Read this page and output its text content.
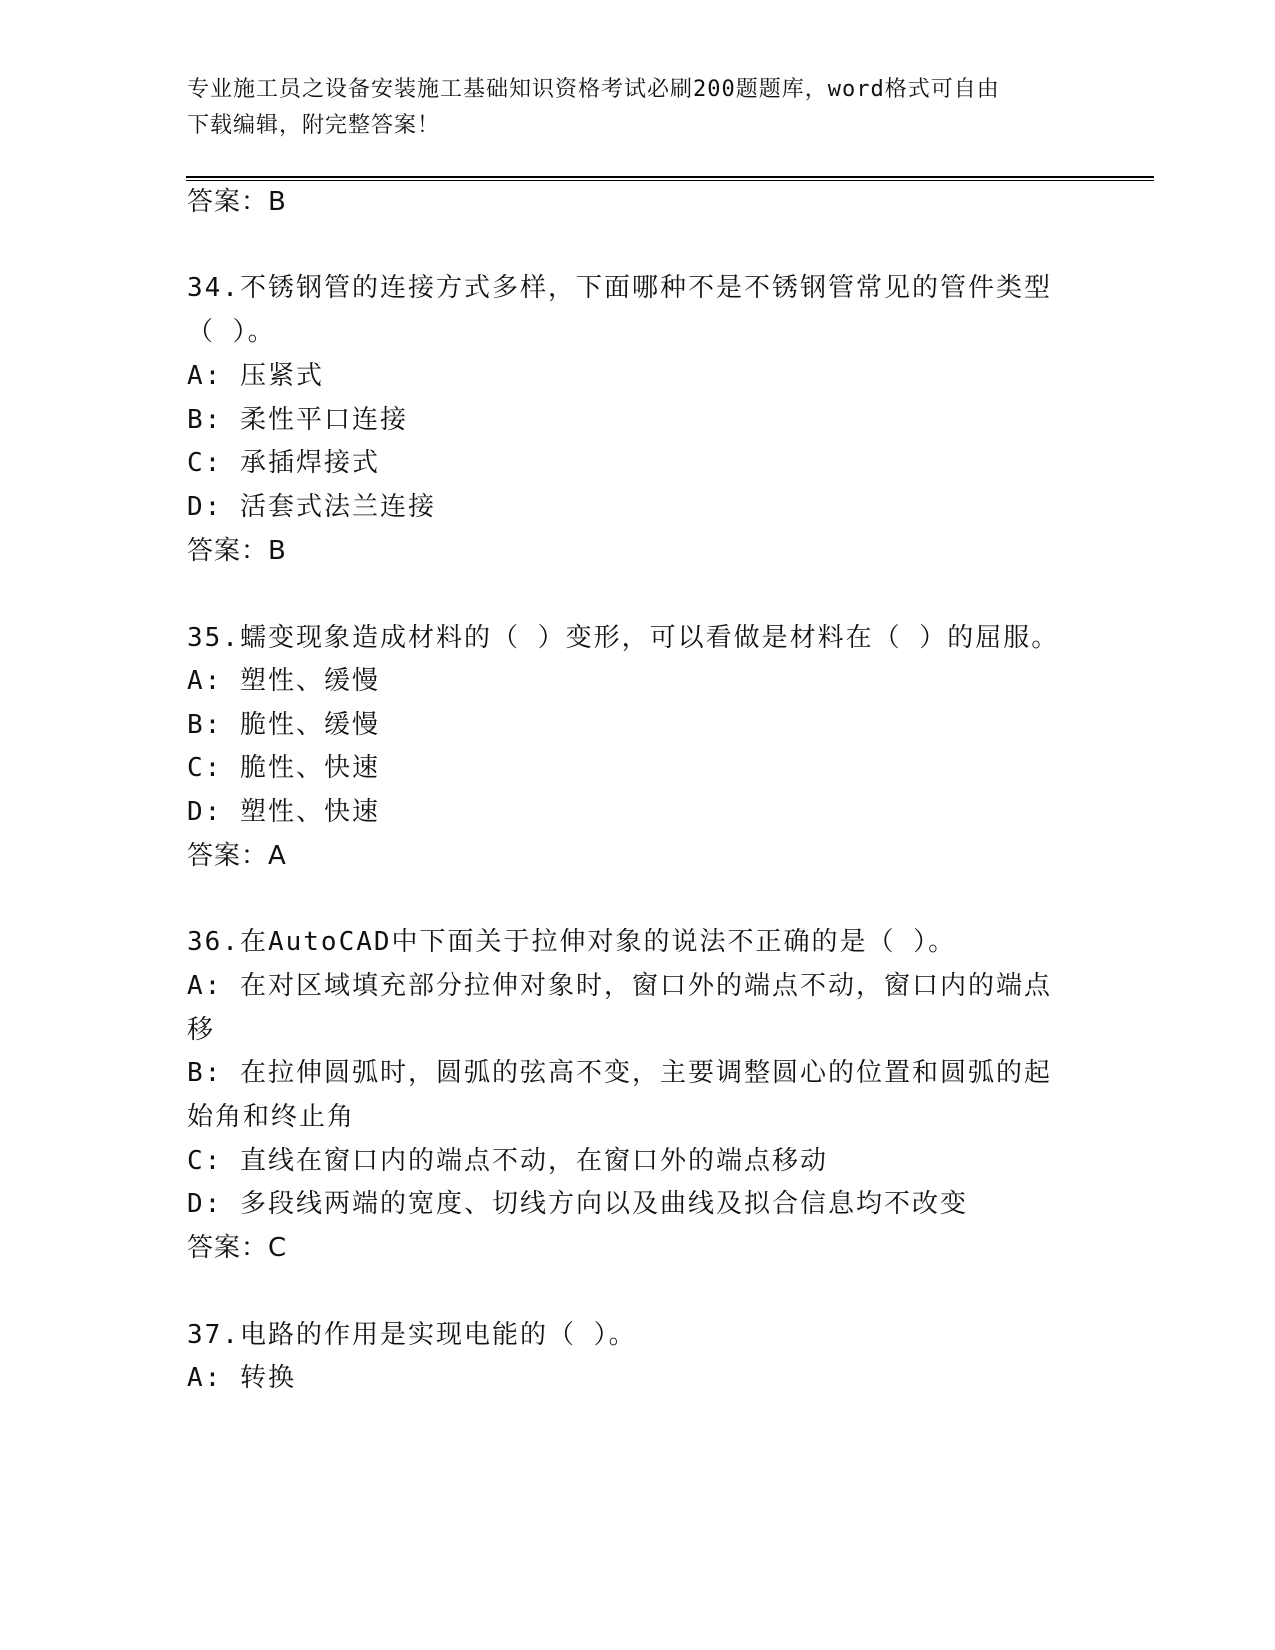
专业施工员之设备安装施工基础知识资格考试必刷200题题库，word格式可自由
下载编辑，附完整答案！
答案：B
34.不锈钢管的连接方式多样，下面哪种不是不锈钢管常见的管件类型
（ ）。
A: 压紧式
B: 柔性平口连接
C: 承插焊接式
D: 活套式法兰连接
答案：B
35.蠕变现象造成材料的（ ）变形，可以看做是材料在（ ）的屈服。
A: 塑性、缓慢
B: 脆性、缓慢
C: 脆性、快速
D: 塑性、快速
答案：A
36.在AutoCAD中下面关于拉伸对象的说法不正确的是（ ）。
A: 在对区域填充部分拉伸对象时，窗口外的端点不动，窗口内的端点
移
B: 在拉伸圆弧时，圆弧的弦高不变，主要调整圆心的位置和圆弧的起
始角和终止角
C: 直线在窗口内的端点不动，在窗口外的端点移动
D: 多段线两端的宽度、切线方向以及曲线及拟合信息均不改变
答案：C
37.电路的作用是实现电能的（ ）。
A: 转换
